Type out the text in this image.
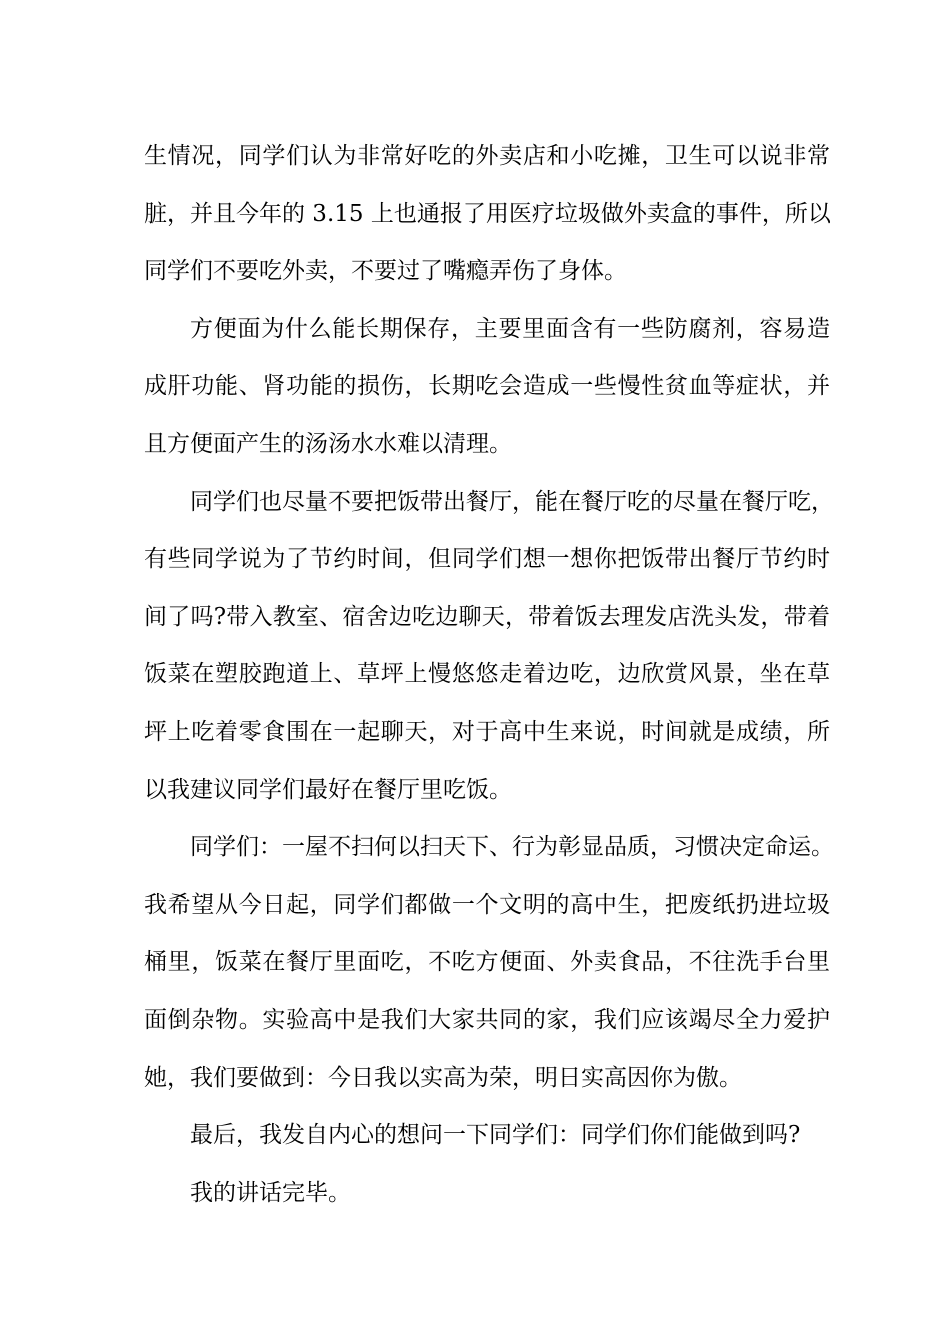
生情况，同学们认为非常好吃的外卖店和小吃摊，卫生可以说非常
脏，并且今年的 3.15 上也通报了用医疗垃圾做外卖盒的事件，所以
同学们不要吃外卖，不要过了嘴瘾弄伤了身体。
方便面为什么能长期保存，主要里面含有一些防腐剂，容易造
成肝功能、肾功能的损伤，长期吃会造成一些慢性贫血等症状，并
且方便面产生的汤汤水水难以清理。
同学们也尽量不要把饭带出餐厅，能在餐厅吃的尽量在餐厅吃，
有些同学说为了节约时间，但同学们想一想你把饭带出餐厅节约时
间了吗?带入教室、宿舍边吃边聊天，带着饭去理发店洗头发，带着
饭菜在塑胶跑道上、草坪上慢悠悠走着边吃，边欣赏风景，坐在草
坪上吃着零食围在一起聊天，对于高中生来说，时间就是成绩，所
以我建议同学们最好在餐厅里吃饭。
同学们：一屋不扫何以扫天下、行为彰显品质，习惯决定命运。
我希望从今日起，同学们都做一个文明的高中生，把废纸扔进垃圾
桶里，饭菜在餐厅里面吃，不吃方便面、外卖食品，不往洗手台里
面倒杂物。实验高中是我们大家共同的家，我们应该竭尽全力爱护
她，我们要做到：今日我以实高为荣，明日实高因你为傲。
最后，我发自内心的想问一下同学们：同学们你们能做到吗?
我的讲话完毕。
